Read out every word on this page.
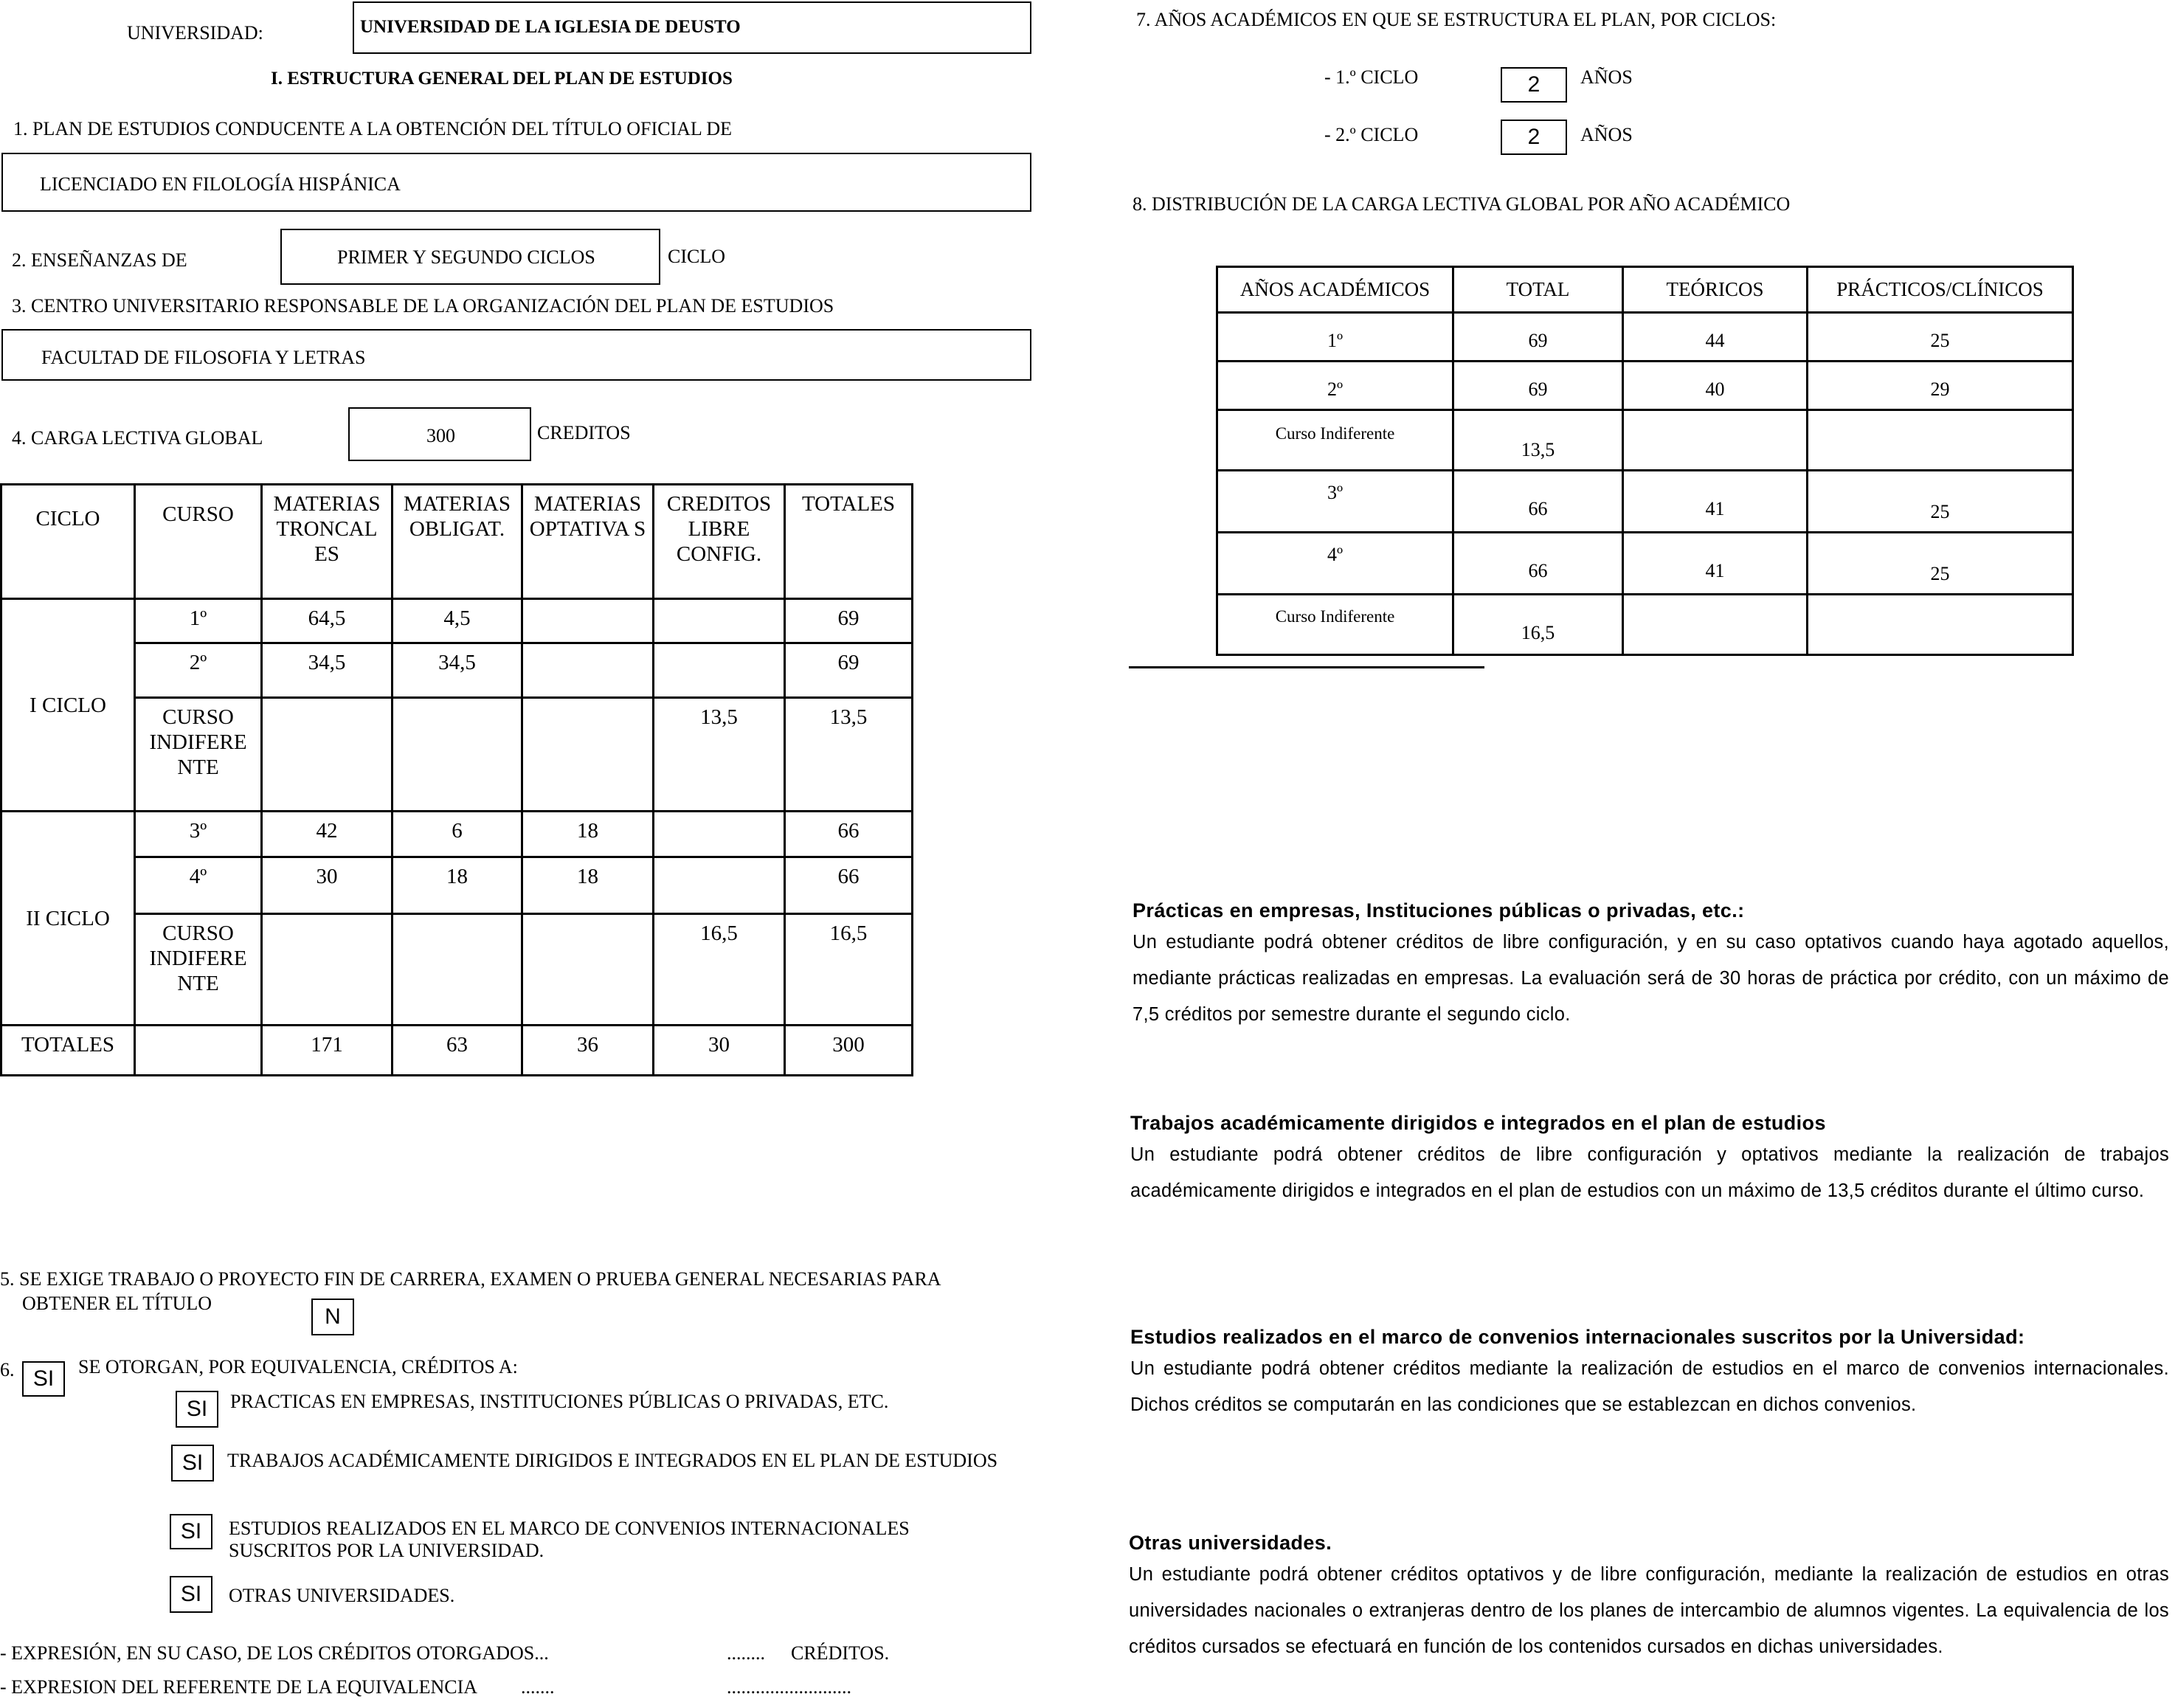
UNIVERSIDAD:	UNIVERSIDAD DE LA IGLESIA DE DEUSTO
I. ESTRUCTURA GENERAL DEL PLAN DE ESTUDIOS
1. PLAN DE ESTUDIOS CONDUCENTE A LA OBTENCIÓN DEL TÍTULO OFICIAL DE
LICENCIADO EN FILOLOGÍA HISPÁNICA
2. ENSEÑANZAS DE	PRIMER Y SEGUNDO CICLOS	CICLO
3. CENTRO UNIVERSITARIO RESPONSABLE DE LA ORGANIZACIÓN DEL PLAN DE ESTUDIOS
FACULTAD DE FILOSOFIA Y LETRAS
4. CARGA LECTIVA GLOBAL	300	CREDITOS
CICLO	CURSO	MATERIAS TRONCAL ES	MATERIAS OBLIGAT.	MATERIAS OPTATIVA S	CREDITOS LIBRE CONFIG.	TOTALES
I CICLO	1º	64,5	4,5			69
	2º	34,5	34,5			69
	CURSO INDIFERE NTE				13,5	13,5
II CICLO	3º	42	6	18		66
	4º	30	18	18		66
	CURSO INDIFERE NTE				16,5	16,5
TOTALES		171	63	36	30	300
5. SE EXIGE TRABAJO O PROYECTO FIN DE CARRERA, EXAMEN O PRUEBA GENERAL NECESARIAS PARA
OBTENER EL TÍTULO
N
6. SI	SE OTORGAN, POR EQUIVALENCIA, CRÉDITOS A:
SI	PRACTICAS EN EMPRESAS, INSTITUCIONES PÚBLICAS O PRIVADAS, ETC.
SI	TRABAJOS ACADÉMICAMENTE DIRIGIDOS E INTEGRADOS EN EL PLAN DE ESTUDIOS
SI	ESTUDIOS REALIZADOS EN EL MARCO DE CONVENIOS INTERNACIONALES
SUSCRITOS POR LA UNIVERSIDAD.
SI	OTRAS UNIVERSIDADES.
- EXPRESIÓN, EN SU CASO, DE LOS CRÉDITOS OTORGADOS...	........ CRÉDITOS.
- EXPRESION DEL REFERENTE DE LA EQUIVALENCIA .......	..........................
7. AÑOS ACADÉMICOS EN QUE SE ESTRUCTURA EL PLAN, POR CICLOS:
- 1.º CICLO	2	AÑOS
- 2.º CICLO	2	AÑOS
8. DISTRIBUCIÓN DE LA CARGA LECTIVA GLOBAL POR AÑO ACADÉMICO
AÑOS ACADÉMICOS	TOTAL	TEÓRICOS	PRÁCTICOS/CLÍNICOS
1º	69	44	25
2º	69	40	29
Curso Indiferente	13,5		
3º	66	41	25
4º	66	41	25
Curso Indiferente	16,5		
Prácticas en empresas, Instituciones públicas o privadas, etc.:

Un estudiante podrá obtener créditos de libre configuración, y en su caso optativos cuando haya agotado aquellos, mediante prácticas realizadas en empresas. La evaluación será de 30 horas de práctica por crédito, con un máximo de 7,5 créditos por semestre durante el segundo ciclo.

Trabajos académicamente dirigidos e integrados en el plan de estudios

Un estudiante podrá obtener créditos de libre configuración y optativos mediante la realización de trabajos académicamente dirigidos e integrados en el plan de estudios con un máximo de 13,5 créditos durante el último curso.

Estudios realizados en el marco de convenios internacionales suscritos por la Universidad:

Un estudiante podrá obtener créditos mediante la realización de estudios en el marco de convenios internacionales. Dichos créditos se computarán en las condiciones que se establezcan en dichos convenios.

Otras universidades.

Un estudiante podrá obtener créditos optativos y de libre configuración, mediante la realización de estudios en otras universidades nacionales o extranjeras dentro de los planes de intercambio de alumnos vigentes. La equivalencia de los créditos cursados se efectuará en función de los contenidos cursados en dichas universidades.
